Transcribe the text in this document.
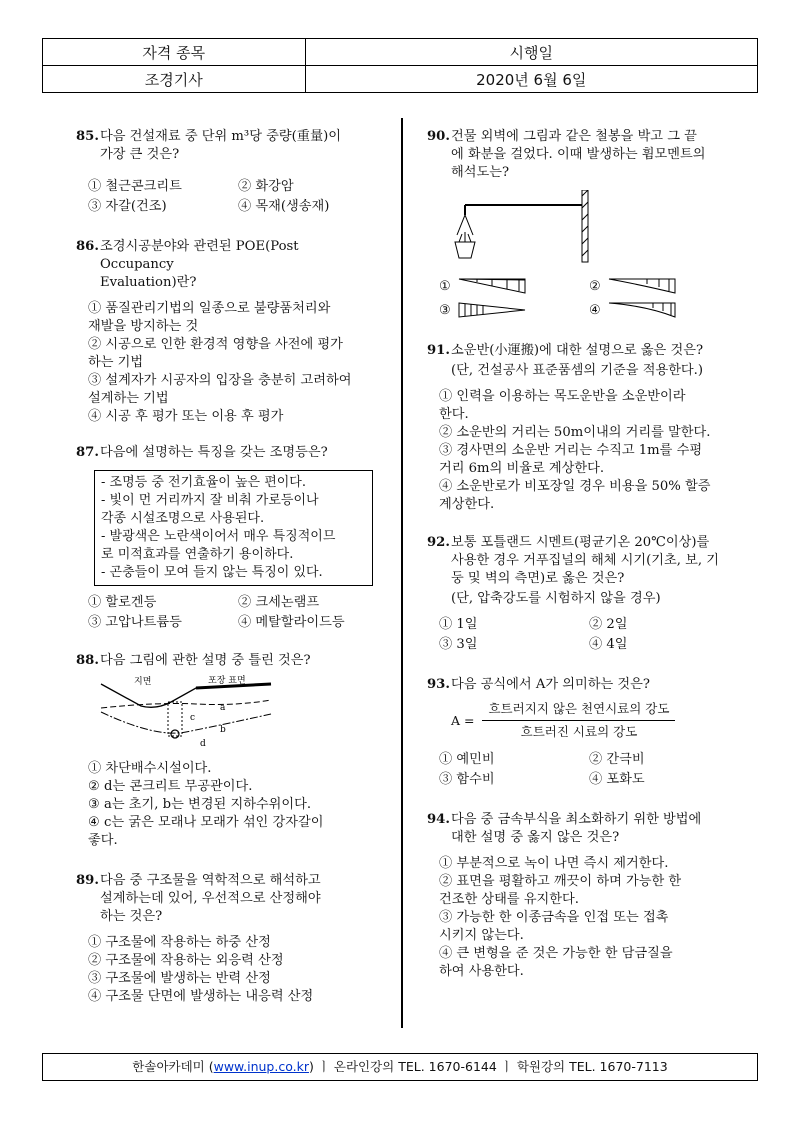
자격 종목	시행일
조경기사	2020년 6월 6일
85. 다음 건설재료 중 단위 m³당 중량(重量)이
가장 큰 것은?
① 철근콘크리트	② 화강암
③ 자갈(건조)	④ 목재(생송재)
86. 조경시공분야와 관련된 POE(Post Occupancy
Evaluation)란?
① 품질관리기법의 일종으로 불량품처리와
재발을 방지하는 것
② 시공으로 인한 환경적 영향을 사전에 평가
하는 기법
③ 설계자가 시공자의 입장을 충분히 고려하여
설계하는 기법
④ 시공 후 평가 또는 이용 후 평가
87. 다음에 설명하는 특징을 갖는 조명등은?
- 조명등 중 전기효율이 높은 편이다.
- 빛이 먼 거리까지 잘 비춰 가로등이나
각종 시설조명으로 사용된다.
- 발광색은 노란색이어서 매우 특징적이므
로 미적효과를 연출하기 용이하다.
- 곤충들이 모여 들지 않는 특징이 있다.
① 할로겐등	② 크세논램프
③ 고압나트륨등	④ 메탈할라이드등
88. 다음 그림에 관한 설명 중 틀린 것은?
지면	포장 표면
a
b
c
d
① 차단배수시설이다.
② d는 콘크리트 무공관이다.
③ a는 초기, b는 변경된 지하수위이다.
④ c는 굵은 모래나 모래가 섞인 강자갈이
좋다.
89. 다음 중 구조물을 역학적으로 해석하고
설계하는데 있어, 우선적으로 산정해야
하는 것은?
① 구조물에 작용하는 하중 산정
② 구조물에 작용하는 외응력 산정
③ 구조물에 발생하는 반력 산정
④ 구조물 단면에 발생하는 내응력 산정
90. 건물 외벽에 그림과 같은 철봉을 박고 그 끝
에 화분을 걸었다. 이때 발생하는 휨모멘트의
해석도는?
①	②
③	④
91. 소운반(小運搬)에 대한 설명으로 옳은 것은?
(단, 건설공사 표준품셈의 기준을 적용한다.)
① 인력을 이용하는 목도운반을 소운반이라
한다.
② 소운반의 거리는 50m이내의 거리를 말한다.
③ 경사면의 소운반 거리는 수직고 1m를 수평
거리 6m의 비율로 계상한다.
④ 소운반로가 비포장일 경우 비용을 50% 할증
계상한다.
92. 보통 포틀랜드 시멘트(평균기온 20℃이상)를
사용한 경우 거푸집널의 해체 시기(기초, 보, 기
둥 및 벽의 측면)로 옳은 것은?
(단, 압축강도를 시험하지 않을 경우)
① 1일	② 2일
③ 3일	④ 4일
93. 다음 공식에서 A가 의미하는 것은?
$A = \frac{\text{흐트러지지 않은 천연시료의 강도}}{\text{흐트러진 시료의 강도}}$
① 예민비	② 간극비
③ 함수비	④ 포화도
94. 다음 중 금속부식을 최소화하기 위한 방법에
대한 설명 중 옳지 않은 것은?
① 부분적으로 녹이 나면 즉시 제거한다.
② 표면을 평활하고 깨끗이 하며 가능한 한
건조한 상태를 유지한다.
③ 가능한 한 이종금속을 인접 또는 접촉
시키지 않는다.
④ 큰 변형을 준 것은 가능한 한 담금질을
하여 사용한다.
한솔아카데미 (www.inup.co.kr) ㅣ 온라인강의 TEL. 1670-6144 ㅣ 학원강의 TEL. 1670-7113
